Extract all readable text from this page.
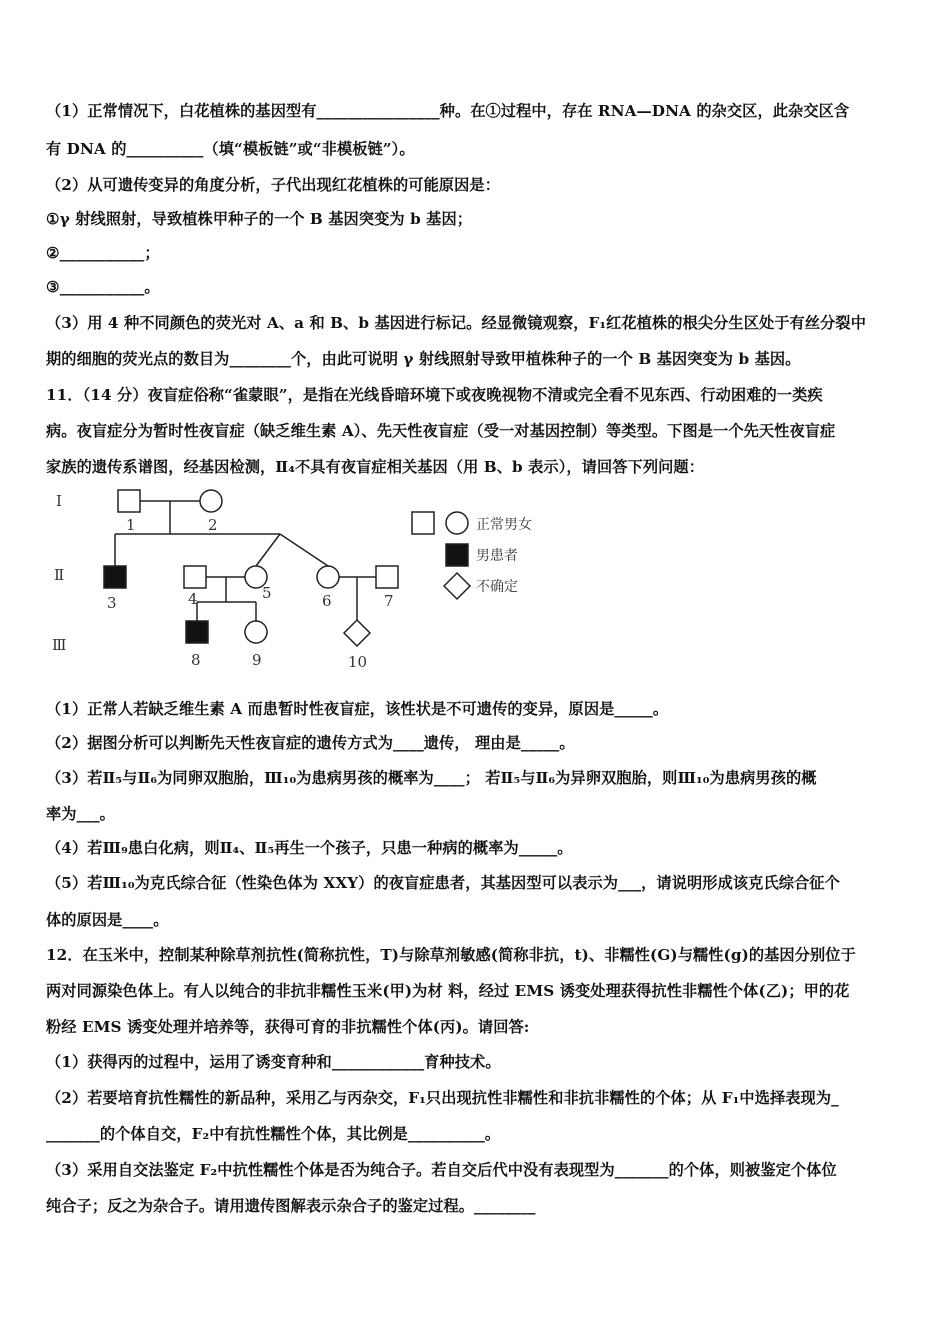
（1）正常情况下，白花植株的基因型有________________种。在①过程中，存在 RNA—DNA 的杂交区，此杂交区含
有 DNA 的__________（填“模板链”或“非模板链”）。
（2）从可遗传变异的角度分析，子代出现红花植株的可能原因是：
①γ 射线照射，导致植株甲种子的一个 B 基因突变为 b 基因；
②___________；
③___________。
（3）用 4 种不同颜色的荧光对 A、a 和 B、b 基因进行标记。经显微镜观察，F₁红花植株的根尖分生区处于有丝分裂中
期的细胞的荧光点的数目为________个，由此可说明 γ 射线照射导致甲植株种子的一个 B 基因突变为 b 基因。
11．（14 分）夜盲症俗称“雀蒙眼”，是指在光线昏暗环境下或夜晚视物不清或完全看不见东西、行动困难的一类疾
病。夜盲症分为暂时性夜盲症（缺乏维生素 A）、先天性夜盲症（受一对基因控制）等类型。下图是一个先天性夜盲症
家族的遗传系谱图，经基因检测，Ⅱ₄不具有夜盲症相关基因（用 B、b 表示），请回答下列问题：
Ⅰ
Ⅱ
Ⅲ
1	2
3	4	5	6	7
8	9	10
正常男女
男患者
不确定
（1）正常人若缺乏维生素 A 而患暂时性夜盲症，该性状是不可遗传的变异，原因是_____。
（2）据图分析可以判断先天性夜盲症的遗传方式为____遗传， 理由是_____。
（3）若Ⅱ₅与Ⅱ₆为同卵双胞胎，Ⅲ₁₀为患病男孩的概率为____； 若Ⅱ₅与Ⅱ₆为异卵双胞胎，则Ⅲ₁₀为患病男孩的概
率为___。
（4）若Ⅲ₉患白化病，则Ⅱ₄、Ⅱ₅再生一个孩子，只患一种病的概率为_____。
（5）若Ⅲ₁₀为克氏综合征（性染色体为 XXY）的夜盲症患者，其基因型可以表示为___，请说明形成该克氏综合征个
体的原因是____。
12．在玉米中，控制某种除草剂抗性(简称抗性，T)与除草剂敏感(简称非抗，t)、非糯性(G)与糯性(g)的基因分别位于
两对同源染色体上。有人以纯合的非抗非糯性玉米(甲)为材 料，经过 EMS 诱变处理获得抗性非糯性个体(乙)；甲的花
粉经 EMS 诱变处理并培养等，获得可育的非抗糯性个体(丙)。请回答:
（1）获得丙的过程中，运用了诱变育种和____________育种技术。
（2）若要培育抗性糯性的新品种，采用乙与丙杂交，F₁只出现抗性非糯性和非抗非糯性的个体；从 F₁中选择表现为_
_______的个体自交，F₂中有抗性糯性个体，其比例是__________。
（3）采用自交法鉴定 F₂中抗性糯性个体是否为纯合子。若自交后代中没有表现型为_______的个体，则被鉴定个体位
纯合子；反之为杂合子。请用遗传图解表示杂合子的鉴定过程。________
